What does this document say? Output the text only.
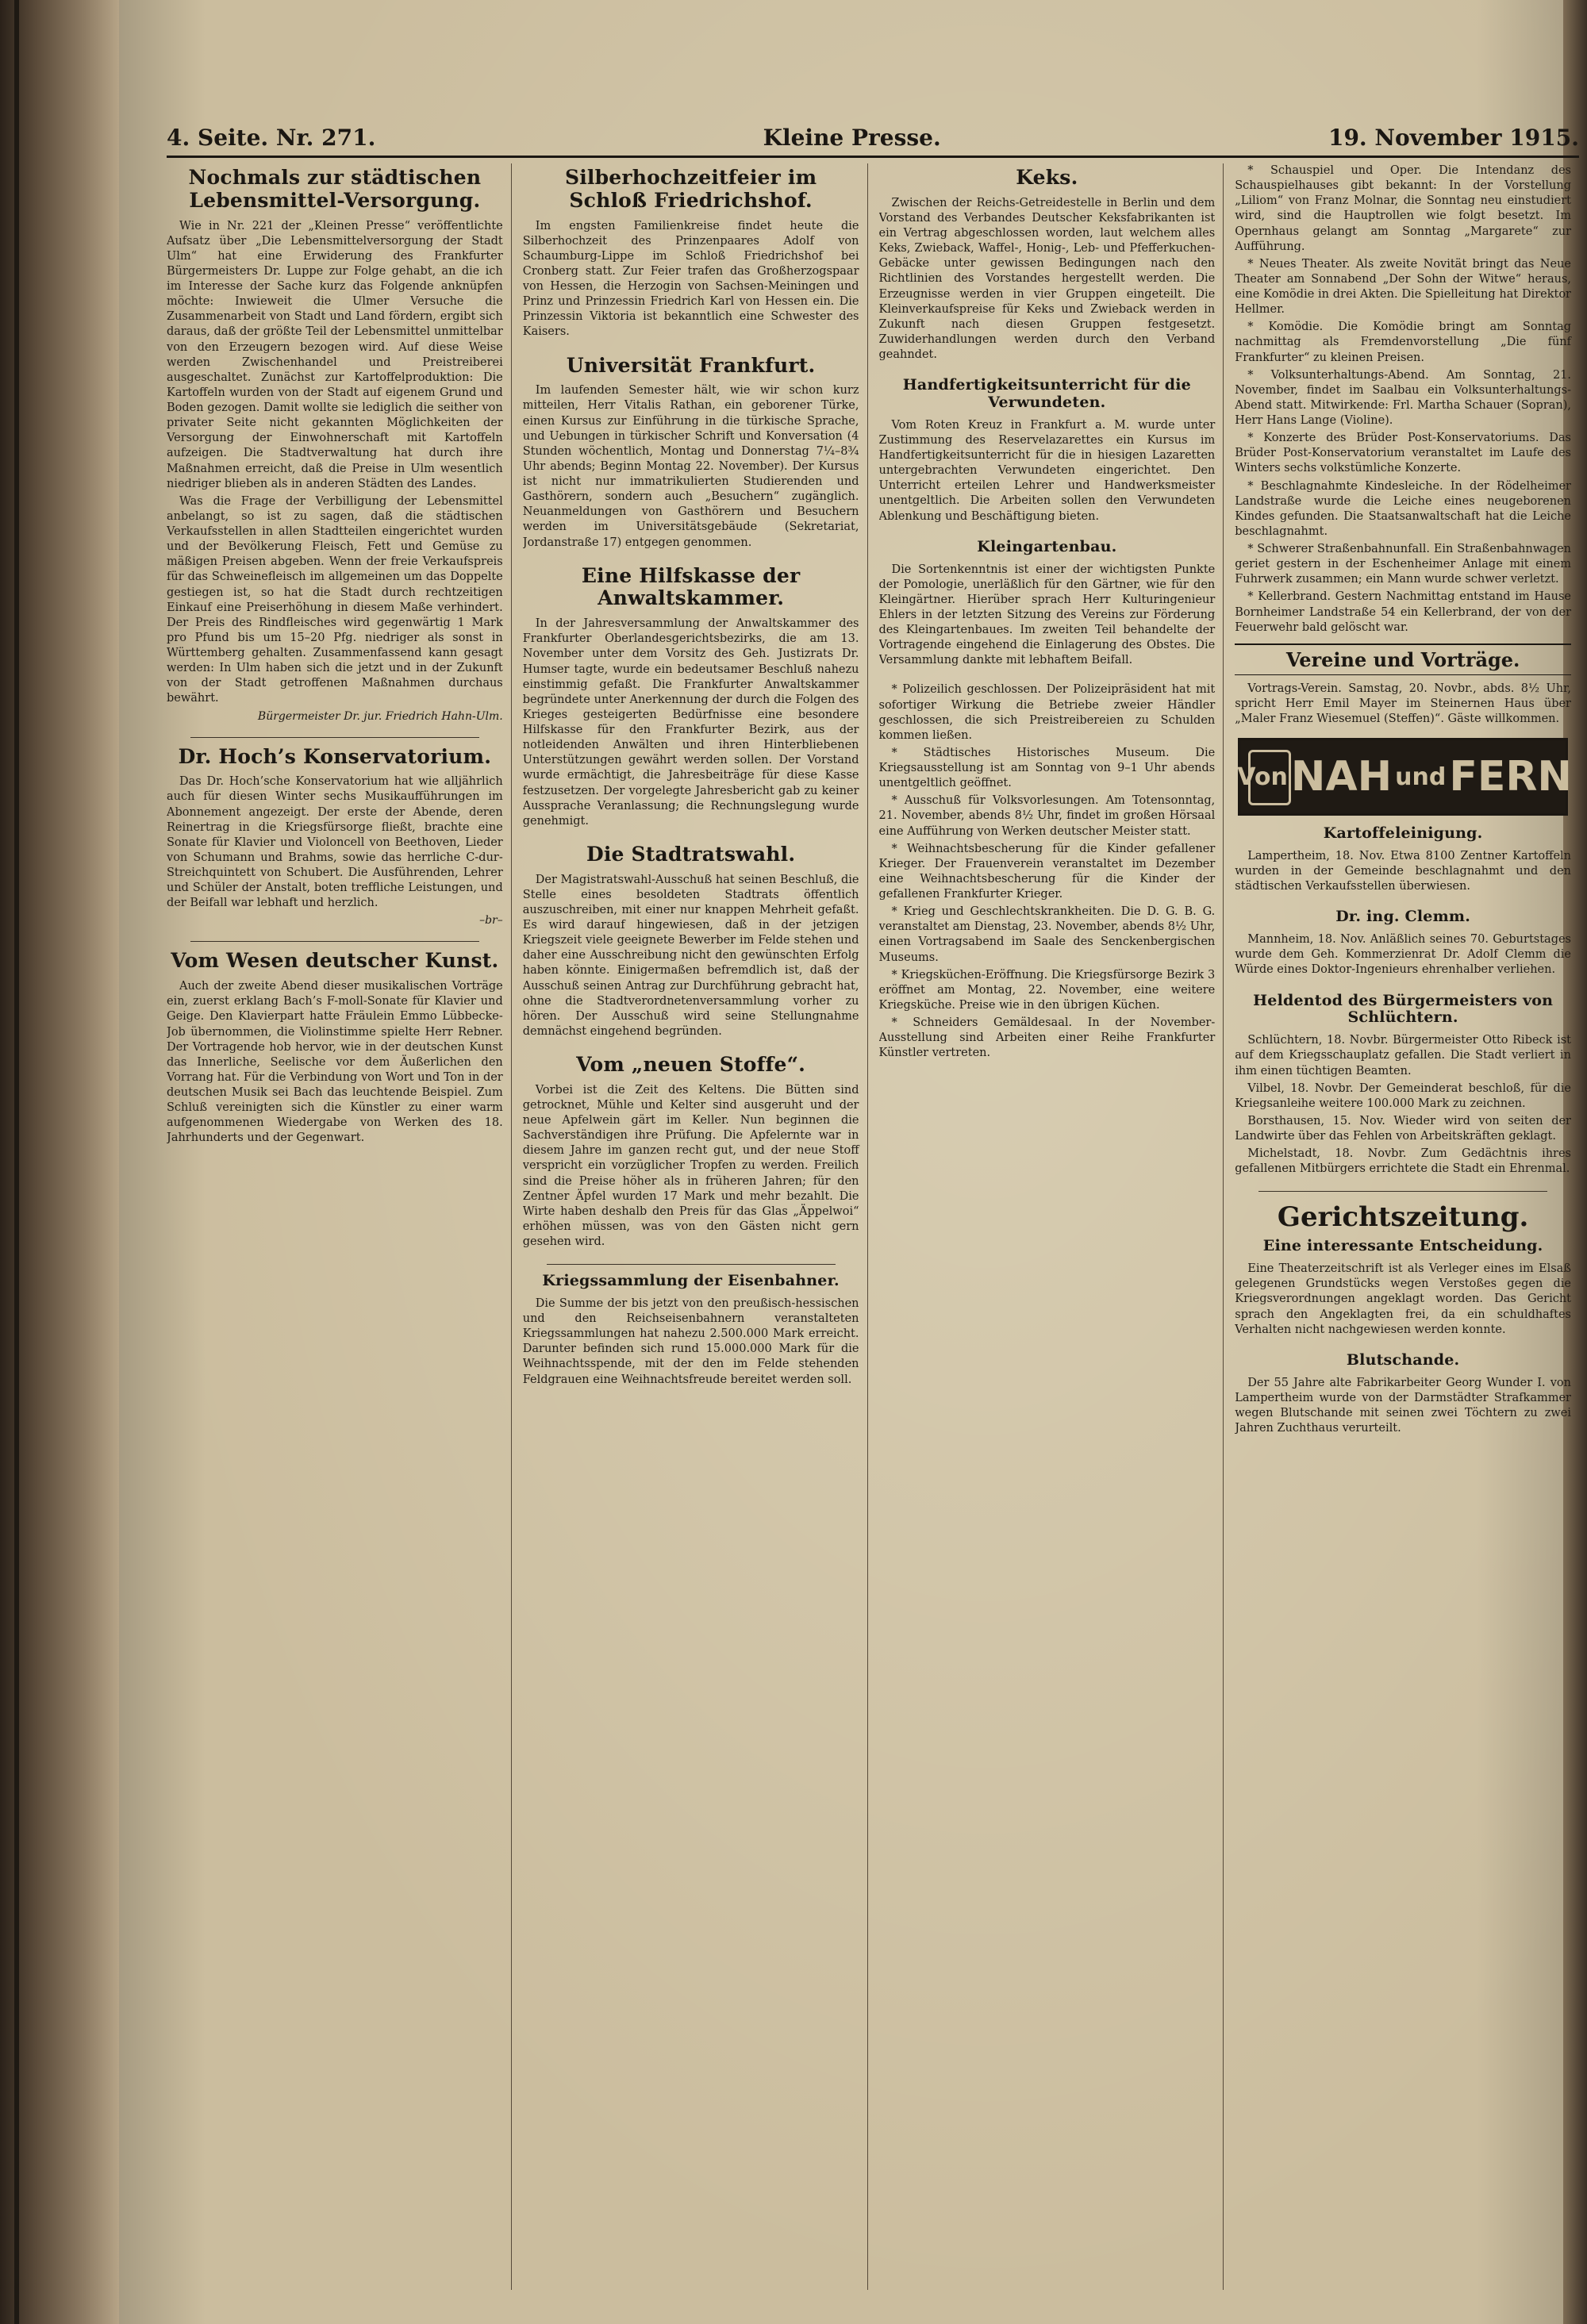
4. Seite. Nr. 271.	Kleine Presse.	19. November 1915.
Nochmals zur städtischen Lebensmittel-Versorgung.

Wie in Nr. 221 der „Kleinen Presse“ veröffentlichte Aufsatz über „Die Lebensmittelversorgung der Stadt Ulm“ hat eine Erwiderung des Frankfurter Bürgermeisters Dr. Luppe zur Folge gehabt, an die ich im Interesse der Sache kurz das Folgende anknüpfen möchte: Inwieweit die Ulmer Versuche die Zusammenarbeit von Stadt und Land fördern, ergibt sich daraus, daß der größte Teil der Lebensmittel unmittelbar von den Erzeugern bezogen wird. Auf diese Weise werden Zwischenhandel und Preistreiberei ausgeschaltet. Zunächst zur Kartoffelproduktion: Die Kartoffeln wurden von der Stadt auf eigenem Grund und Boden gezogen. Damit wollte sie lediglich die seither von privater Seite nicht gekannten Möglichkeiten der Versorgung der Einwohnerschaft mit Kartoffeln aufzeigen. Die Stadtverwaltung hat durch ihre Maßnahmen erreicht, daß die Preise in Ulm wesentlich niedriger blieben als in anderen Städten des Landes.

Was die Frage der Verbilligung der Lebensmittel anbelangt, so ist zu sagen, daß die städtischen Verkaufsstellen in allen Stadtteilen eingerichtet wurden und der Bevölkerung Fleisch, Fett und Gemüse zu mäßigen Preisen abgeben. Wenn der freie Verkaufspreis für das Schweinefleisch im allgemeinen um das Doppelte gestiegen ist, so hat die Stadt durch rechtzeitigen Einkauf eine Preiserhöhung in diesem Maße verhindert. Der Preis des Rindfleisches wird gegenwärtig 1 Mark pro Pfund bis um 15–20 Pfg. niedriger als sonst in Württemberg gehalten. Zusammenfassend kann gesagt werden: In Ulm haben sich die jetzt und in der Zukunft von der Stadt getroffenen Maßnahmen durchaus bewährt.

Bürgermeister Dr. jur. Friedrich Hahn-Ulm.
Dr. Hoch’s Konservatorium.

Das Dr. Hoch’sche Konservatorium hat wie alljährlich auch für diesen Winter sechs Musikaufführungen im Abonnement angezeigt. Der erste der Abende, deren Reinertrag in die Kriegsfürsorge fließt, brachte eine Sonate für Klavier und Violoncell von Beethoven, Lieder von Schumann und Brahms, sowie das herrliche C-dur-Streichquintett von Schubert. Die Ausführenden, Lehrer und Schüler der Anstalt, boten treffliche Leistungen, und der Beifall war lebhaft und herzlich.

–br–
Vom Wesen deutscher Kunst.

Auch der zweite Abend dieser musikalischen Vorträge ein, zuerst erklang Bach’s F-moll-Sonate für Klavier und Geige. Den Klavierpart hatte Fräulein Emmo Lübbecke-Job übernommen, die Violinstimme spielte Herr Rebner. Der Vortragende hob hervor, wie in der deutschen Kunst das Innerliche, Seelische vor dem Äußerlichen den Vorrang hat. Für die Verbindung von Wort und Ton in der deutschen Musik sei Bach das leuchtende Beispiel. Zum Schluß vereinigten sich die Künstler zu einer warm aufgenommenen Wiedergabe von Werken des 18. Jahrhunderts und der Gegenwart.

Silberhochzeitfeier im Schloß Friedrichshof.

Im engsten Familienkreise findet heute die Silberhochzeit des Prinzenpaares Adolf von Schaumburg-Lippe im Schloß Friedrichshof bei Cronberg statt. Zur Feier trafen das Großherzogspaar von Hessen, die Herzogin von Sachsen-Meiningen und Prinz und Prinzessin Friedrich Karl von Hessen ein. Die Prinzessin Viktoria ist bekanntlich eine Schwester des Kaisers.

Universität Frankfurt.

Im laufenden Semester hält, wie wir schon kurz mitteilen, Herr Vitalis Rathan, ein geborener Türke, einen Kursus zur Einführung in die türkische Sprache, und Uebungen in türkischer Schrift und Konversation (4 Stunden wöchentlich, Montag und Donnerstag 7¼–8¾ Uhr abends; Beginn Montag 22. November). Der Kursus ist nicht nur immatrikulierten Studierenden und Gasthörern, sondern auch „Besuchern“ zugänglich. Neuanmeldungen von Gasthörern und Besuchern werden im Universitätsgebäude (Sekretariat, Jordanstraße 17) entgegen genommen.

Eine Hilfskasse der Anwaltskammer.

In der Jahresversammlung der Anwaltskammer des Frankfurter Oberlandesgerichtsbezirks, die am 13. November unter dem Vorsitz des Geh. Justizrats Dr. Humser tagte, wurde ein bedeutsamer Beschluß nahezu einstimmig gefaßt. Die Frankfurter Anwaltskammer begründete unter Anerkennung der durch die Folgen des Krieges gesteigerten Bedürfnisse eine besondere Hilfskasse für den Frankfurter Bezirk, aus der notleidenden Anwälten und ihren Hinterbliebenen Unterstützungen gewährt werden sollen. Der Vorstand wurde ermächtigt, die Jahresbeiträge für diese Kasse festzusetzen. Der vorgelegte Jahresbericht gab zu keiner Aussprache Veranlassung; die Rechnungslegung wurde genehmigt.

Die Stadtratswahl.

Der Magistratswahl-Ausschuß hat seinen Beschluß, die Stelle eines besoldeten Stadtrats öffentlich auszuschreiben, mit einer nur knappen Mehrheit gefaßt. Es wird darauf hingewiesen, daß in der jetzigen Kriegszeit viele geeignete Bewerber im Felde stehen und daher eine Ausschreibung nicht den gewünschten Erfolg haben könnte. Einigermaßen befremdlich ist, daß der Ausschuß seinen Antrag zur Durchführung gebracht hat, ohne die Stadtverordnetenversammlung vorher zu hören. Der Ausschuß wird seine Stellungnahme demnächst eingehend begründen.

Vom „neuen Stoffe“.

Vorbei ist die Zeit des Keltens. Die Bütten sind getrocknet, Mühle und Kelter sind ausgeruht und der neue Apfelwein gärt im Keller. Nun beginnen die Sachverständigen ihre Prüfung. Die Apfelernte war in diesem Jahre im ganzen recht gut, und der neue Stoff verspricht ein vorzüglicher Tropfen zu werden. Freilich sind die Preise höher als in früheren Jahren; für den Zentner Äpfel wurden 17 Mark und mehr bezahlt. Die Wirte haben deshalb den Preis für das Glas „Äppelwoi“ erhöhen müssen, was von den Gästen nicht gern gesehen wird.

Kriegssammlung der Eisenbahner.

Die Summe der bis jetzt von den preußisch-hessischen und den Reichseisenbahnern veranstalteten Kriegssammlungen hat nahezu 2.500.000 Mark erreicht. Darunter befinden sich rund 15.000.000 Mark für die Weihnachtsspende, mit der den im Felde stehenden Feldgrauen eine Weihnachtsfreude bereitet werden soll.

Keks.

Zwischen der Reichs-Getreidestelle in Berlin und dem Vorstand des Verbandes Deutscher Keksfabrikanten ist ein Vertrag abgeschlossen worden, laut welchem alles Keks, Zwieback, Waffel-, Honig-, Leb- und Pfefferkuchen-Gebäcke unter gewissen Bedingungen nach den Richtlinien des Vorstandes hergestellt werden. Die Erzeugnisse werden in vier Gruppen eingeteilt. Die Kleinverkaufspreise für Keks und Zwieback werden in Zukunft nach diesen Gruppen festgesetzt. Zuwiderhandlungen werden durch den Verband geahndet.

Handfertigkeitsunterricht für die Verwundeten.

Vom Roten Kreuz in Frankfurt a. M. wurde unter Zustimmung des Reservelazarettes ein Kursus im Handfertigkeitsunterricht für die in hiesigen Lazaretten untergebrachten Verwundeten eingerichtet. Den Unterricht erteilen Lehrer und Handwerksmeister unentgeltlich. Die Arbeiten sollen den Verwundeten Ablenkung und Beschäftigung bieten.

Kleingartenbau.

Die Sortenkenntnis ist einer der wichtigsten Punkte der Pomologie, unerläßlich für den Gärtner, wie für den Kleingärtner. Hierüber sprach Herr Kulturingenieur Ehlers in der letzten Sitzung des Vereins zur Förderung des Kleingartenbaues. Im zweiten Teil behandelte der Vortragende eingehend die Einlagerung des Obstes. Die Versammlung dankte mit lebhaftem Beifall.

* Polizeilich geschlossen. Der Polizeipräsident hat mit sofortiger Wirkung die Betriebe zweier Händler geschlossen, die sich Preistreibereien zu Schulden kommen ließen.

* Städtisches Historisches Museum. Die Kriegsausstellung ist am Sonntag von 9–1 Uhr abends unentgeltlich geöffnet.

* Ausschuß für Volksvorlesungen. Am Totensonntag, 21. November, abends 8½ Uhr, findet im großen Hörsaal eine Aufführung von Werken deutscher Meister statt.

* Weihnachtsbescherung für die Kinder gefallener Krieger. Der Frauenverein veranstaltet im Dezember eine Weihnachtsbescherung für die Kinder der gefallenen Frankfurter Krieger.

* Krieg und Geschlechtskrankheiten. Die D. G. B. G. veranstaltet am Dienstag, 23. November, abends 8½ Uhr, einen Vortragsabend im Saale des Senckenbergischen Museums.

* Kriegsküchen-Eröffnung. Die Kriegsfürsorge Bezirk 3 eröffnet am Montag, 22. November, eine weitere Kriegsküche. Preise wie in den übrigen Küchen.

* Schneiders Gemäldesaal. In der November-Ausstellung sind Arbeiten einer Reihe Frankfurter Künstler vertreten.

* Schauspiel und Oper. Die Intendanz des Schauspielhauses gibt bekannt: In der Vorstellung „Liliom“ von Franz Molnar, die Sonntag neu einstudiert wird, sind die Hauptrollen wie folgt besetzt. Im Opernhaus gelangt am Sonntag „Margarete“ zur Aufführung.

* Neues Theater. Als zweite Novität bringt das Neue Theater am Sonnabend „Der Sohn der Witwe“ heraus, eine Komödie in drei Akten. Die Spielleitung hat Direktor Hellmer.

* Komödie. Die Komödie bringt am Sonntag nachmittag als Fremdenvorstellung „Die fünf Frankfurter“ zu kleinen Preisen.

* Volksunterhaltungs-Abend. Am Sonntag, 21. November, findet im Saalbau ein Volksunterhaltungs-Abend statt. Mitwirkende: Frl. Martha Schauer (Sopran), Herr Hans Lange (Violine).

* Konzerte des Brüder Post-Konservatoriums. Das Brüder Post-Konservatorium veranstaltet im Laufe des Winters sechs volkstümliche Konzerte.

* Beschlagnahmte Kindesleiche. In der Rödelheimer Landstraße wurde die Leiche eines neugeborenen Kindes gefunden. Die Staatsanwaltschaft hat die Leiche beschlagnahmt.

* Schwerer Straßenbahnunfall. Ein Straßenbahnwagen geriet gestern in der Eschenheimer Anlage mit einem Fuhrwerk zusammen; ein Mann wurde schwer verletzt.

* Kellerbrand. Gestern Nachmittag entstand im Hause Bornheimer Landstraße 54 ein Kellerbrand, der von der Feuerwehr bald gelöscht war.

Vereine und Vorträge.

Vortrags-Verein. Samstag, 20. Novbr., abds. 8½ Uhr, spricht Herr Emil Mayer im Steinernen Haus über „Maler Franz Wiesemuel (Steffen)“. Gäste willkommen.

Von NAH und FERN
Kartoffeleinigung.

Lampertheim, 18. Nov. Etwa 8100 Zentner Kartoffeln wurden in der Gemeinde beschlagnahmt und den städtischen Verkaufsstellen überwiesen.

Dr. ing. Clemm.

Mannheim, 18. Nov. Anläßlich seines 70. Geburtstages wurde dem Geh. Kommerzienrat Dr. Adolf Clemm die Würde eines Doktor-Ingenieurs ehrenhalber verliehen.

Heldentod des Bürgermeisters von Schlüchtern.

Schlüchtern, 18. Novbr. Bürgermeister Otto Ribeck ist auf dem Kriegsschauplatz gefallen. Die Stadt verliert in ihm einen tüchtigen Beamten.

Vilbel, 18. Novbr. Der Gemeinderat beschloß, für die Kriegsanleihe weitere 100.000 Mark zu zeichnen.

Borsthausen, 15. Nov. Wieder wird von seiten der Landwirte über das Fehlen von Arbeitskräften geklagt.

Michelstadt, 18. Novbr. Zum Gedächtnis ihres gefallenen Mitbürgers errichtete die Stadt ein Ehrenmal.

Gerichtszeitung.
Eine interessante Entscheidung.

Eine Theaterzeitschrift ist als Verleger eines im Elsaß gelegenen Grundstücks wegen Verstoßes gegen die Kriegsverordnungen angeklagt worden. Das Gericht sprach den Angeklagten frei, da ein schuldhaftes Verhalten nicht nachgewiesen werden konnte.

Blutschande.

Der 55 Jahre alte Fabrikarbeiter Georg Wunder I. von Lampertheim wurde von der Darmstädter Strafkammer wegen Blutschande mit seinen zwei Töchtern zu zwei Jahren Zuchthaus verurteilt.
